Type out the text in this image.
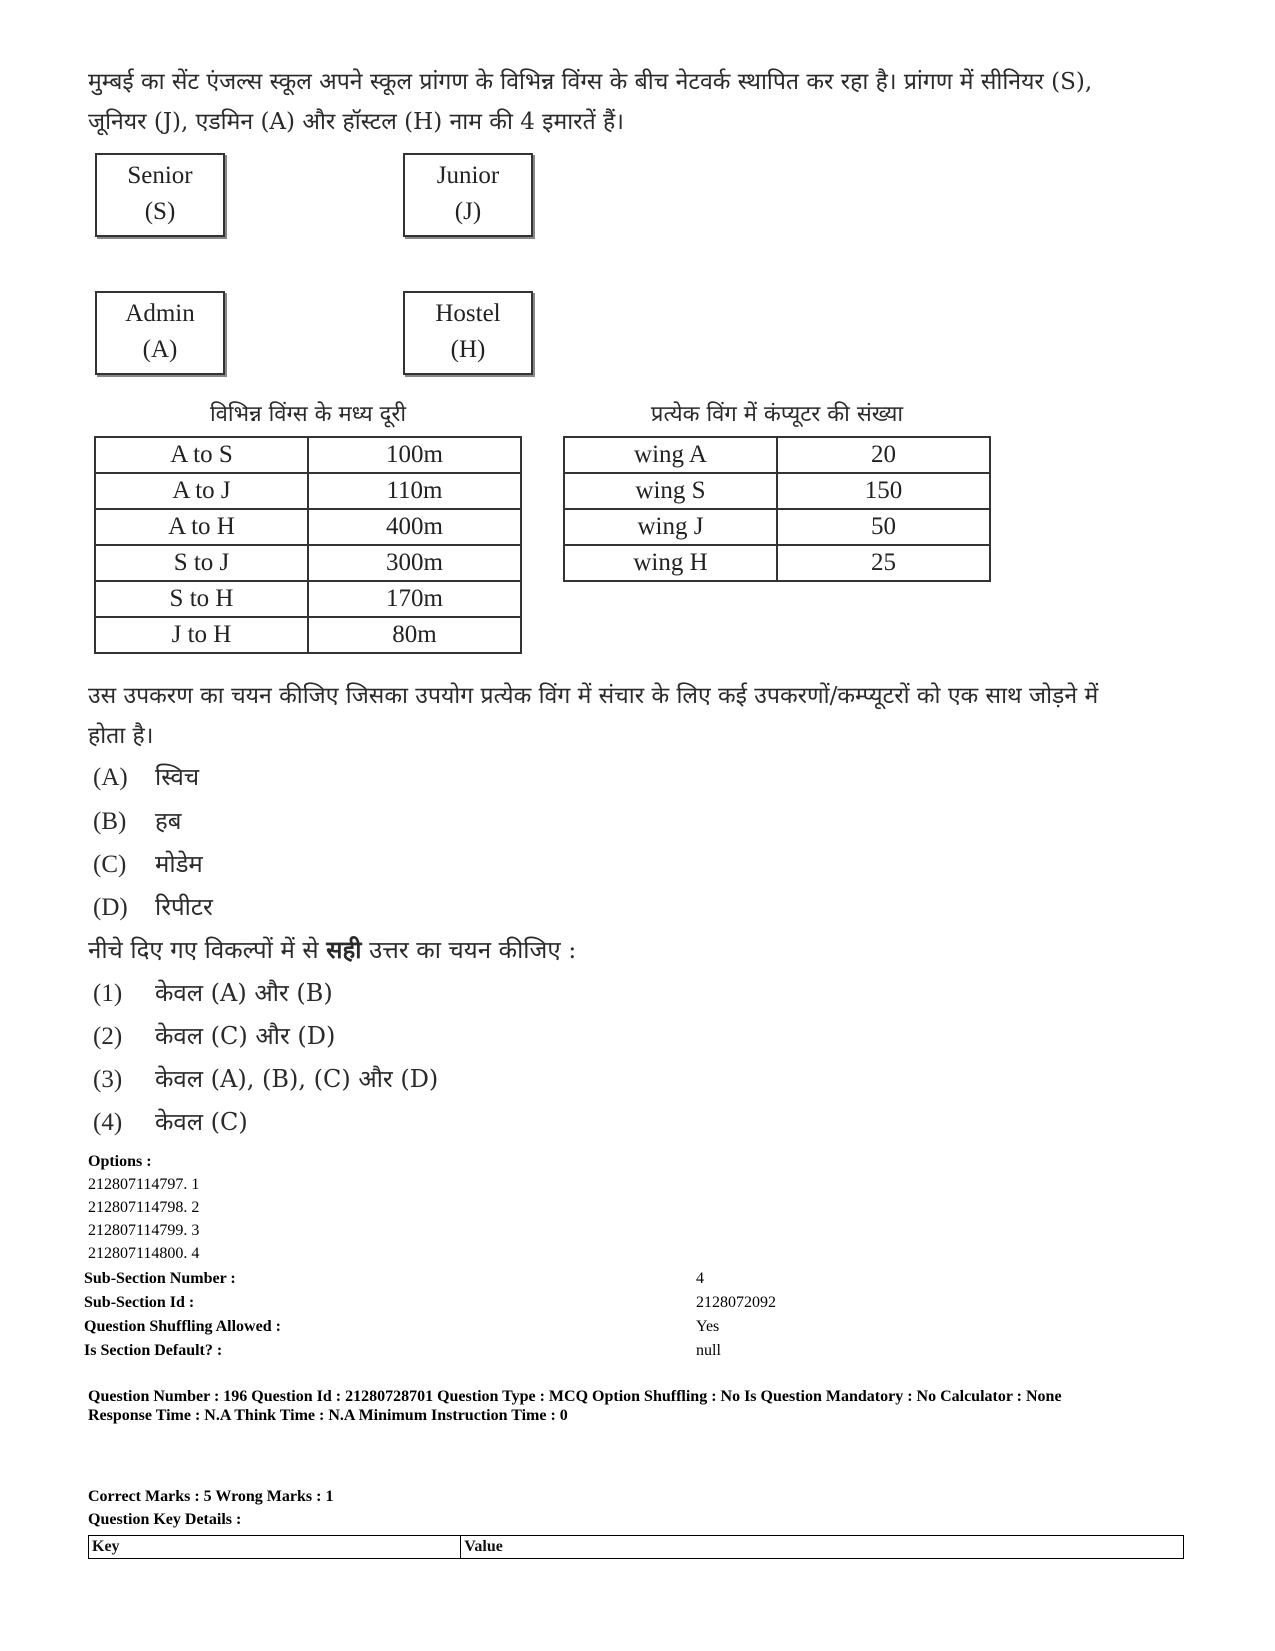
मुम्बई का सेंट एंजल्स स्कूल अपने स्कूल प्रांगण के विभिन्न विंग्स के बीच नेटवर्क स्थापित कर रहा है। प्रांगण में सीनियर (S),
जूनियर (J), एडमिन (A) और हॉस्टल (H) नाम की 4 इमारतें हैं।
Senior
(S)
Junior
(J)
Admin
(A)
Hostel
(H)
विभिन्न विंग्स के मध्य दूरी
A to S	100m
A to J	110m
A to H	400m
S to J	300m
S to H	170m
J to H	80m
प्रत्येक विंग में कंप्यूटर की संख्या
wing A	20
wing S	150
wing J	50
wing H	25
उस उपकरण का चयन कीजिए जिसका उपयोग प्रत्येक विंग में संचार के लिए कई उपकरणों/कम्प्यूटरों को एक साथ जोड़ने में
होता है।
(A) स्विच
(B) हब
(C) मोडेम
(D) रिपीटर
नीचे दिए गए विकल्पों में से सही उत्तर का चयन कीजिए :
(1) केवल (A) और (B)
(2) केवल (C) और (D)
(3) केवल (A), (B), (C) और (D)
(4) केवल (C)
Options :
212807114797. 1
212807114798. 2
212807114799. 3
212807114800. 4
Sub-Section Number :	4
Sub-Section Id :	2128072092
Question Shuffling Allowed :	Yes
Is Section Default? :	null
Question Number : 196 Question Id : 21280728701 Question Type : MCQ Option Shuffling : No Is Question Mandatory : No Calculator : None
Response Time : N.A Think Time : N.A Minimum Instruction Time : 0
Correct Marks : 5 Wrong Marks : 1
Question Key Details :
Key	Value
